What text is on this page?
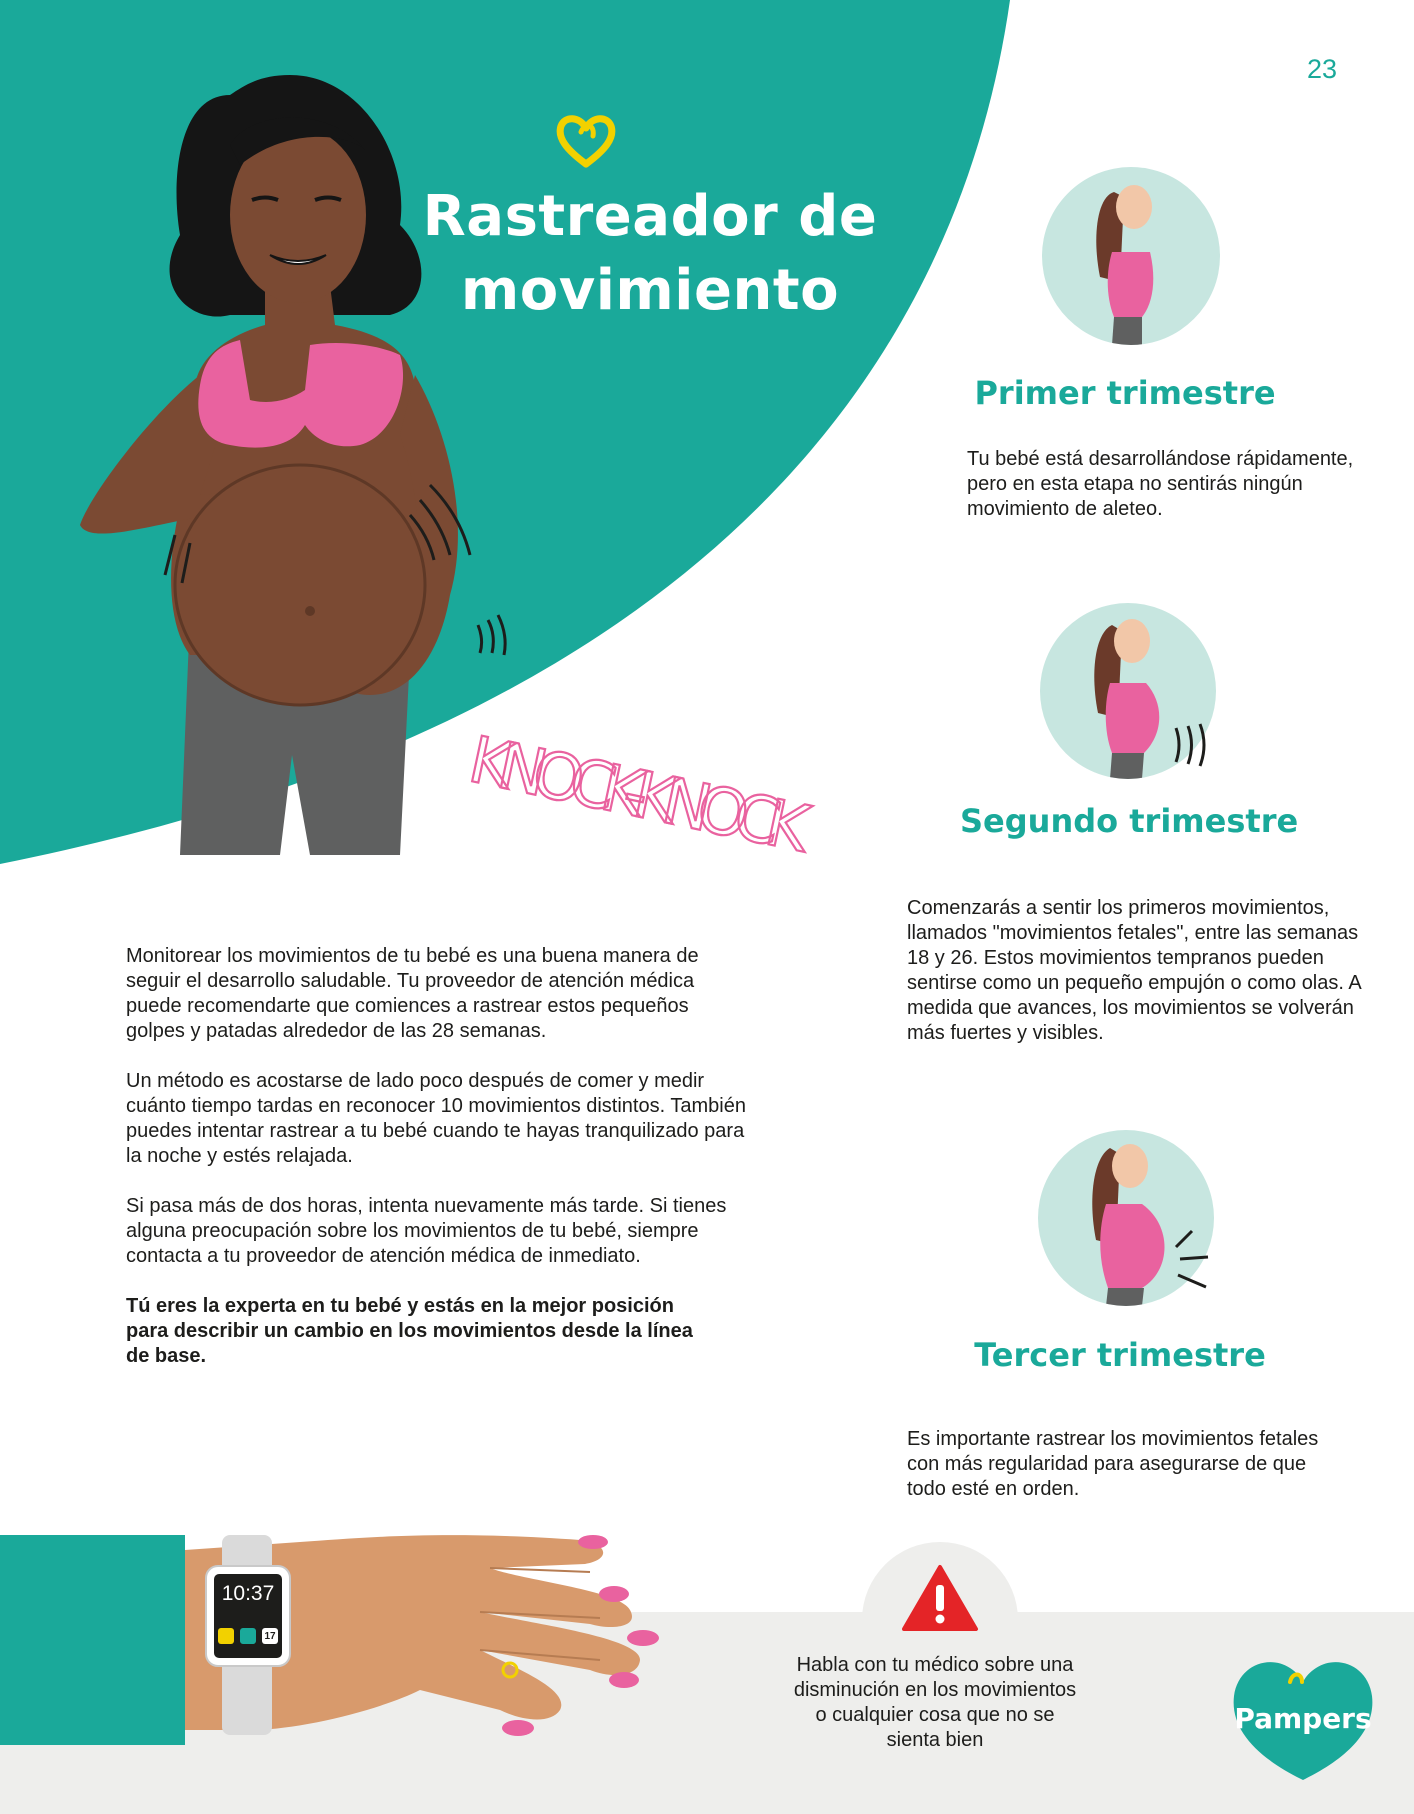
Rastreador de
movimiento
KNOCK-KNOCK
23
Primer trimestre
Tu bebé está desarrollándose rápidamente, pero en esta etapa no sentirás ningún movimiento de aleteo.
Segundo trimestre
Comenzarás a sentir los primeros movimientos, llamados "movimientos fetales", entre las semanas 18 y 26. Estos movimientos tempranos pueden sentirse como un pequeño empujón o como olas. A medida que avances, los movimientos se volverán más fuertes y visibles.
Tercer trimestre
Es importante rastrear los movimientos fetales con más regularidad para asegurarse de que todo esté en orden.

Monitorear los movimientos de tu bebé es una buena manera de seguir el desarrollo saludable. Tu proveedor de atención médica puede recomendarte que comiences a rastrear estos pequeños golpes y patadas alrededor de las 28 semanas.

Un método es acostarse de lado poco después de comer y medir cuánto tiempo tardas en reconocer 10 movimientos distintos. También puedes intentar rastrear a tu bebé cuando te hayas tranquilizado para la noche y estés relajada.

Si pasa más de dos horas, intenta nuevamente más tarde. Si tienes alguna preocupación sobre los movimientos de tu bebé, siempre contacta a tu proveedor de atención médica de inmediato.

Tú eres la experta en tu bebé y estás en la mejor posición para describir un cambio en los movimientos desde la línea de base.

Habla con tu médico sobre una disminución en los movimientos o cualquier cosa que no se sienta bien
10:37
17
Pampers
